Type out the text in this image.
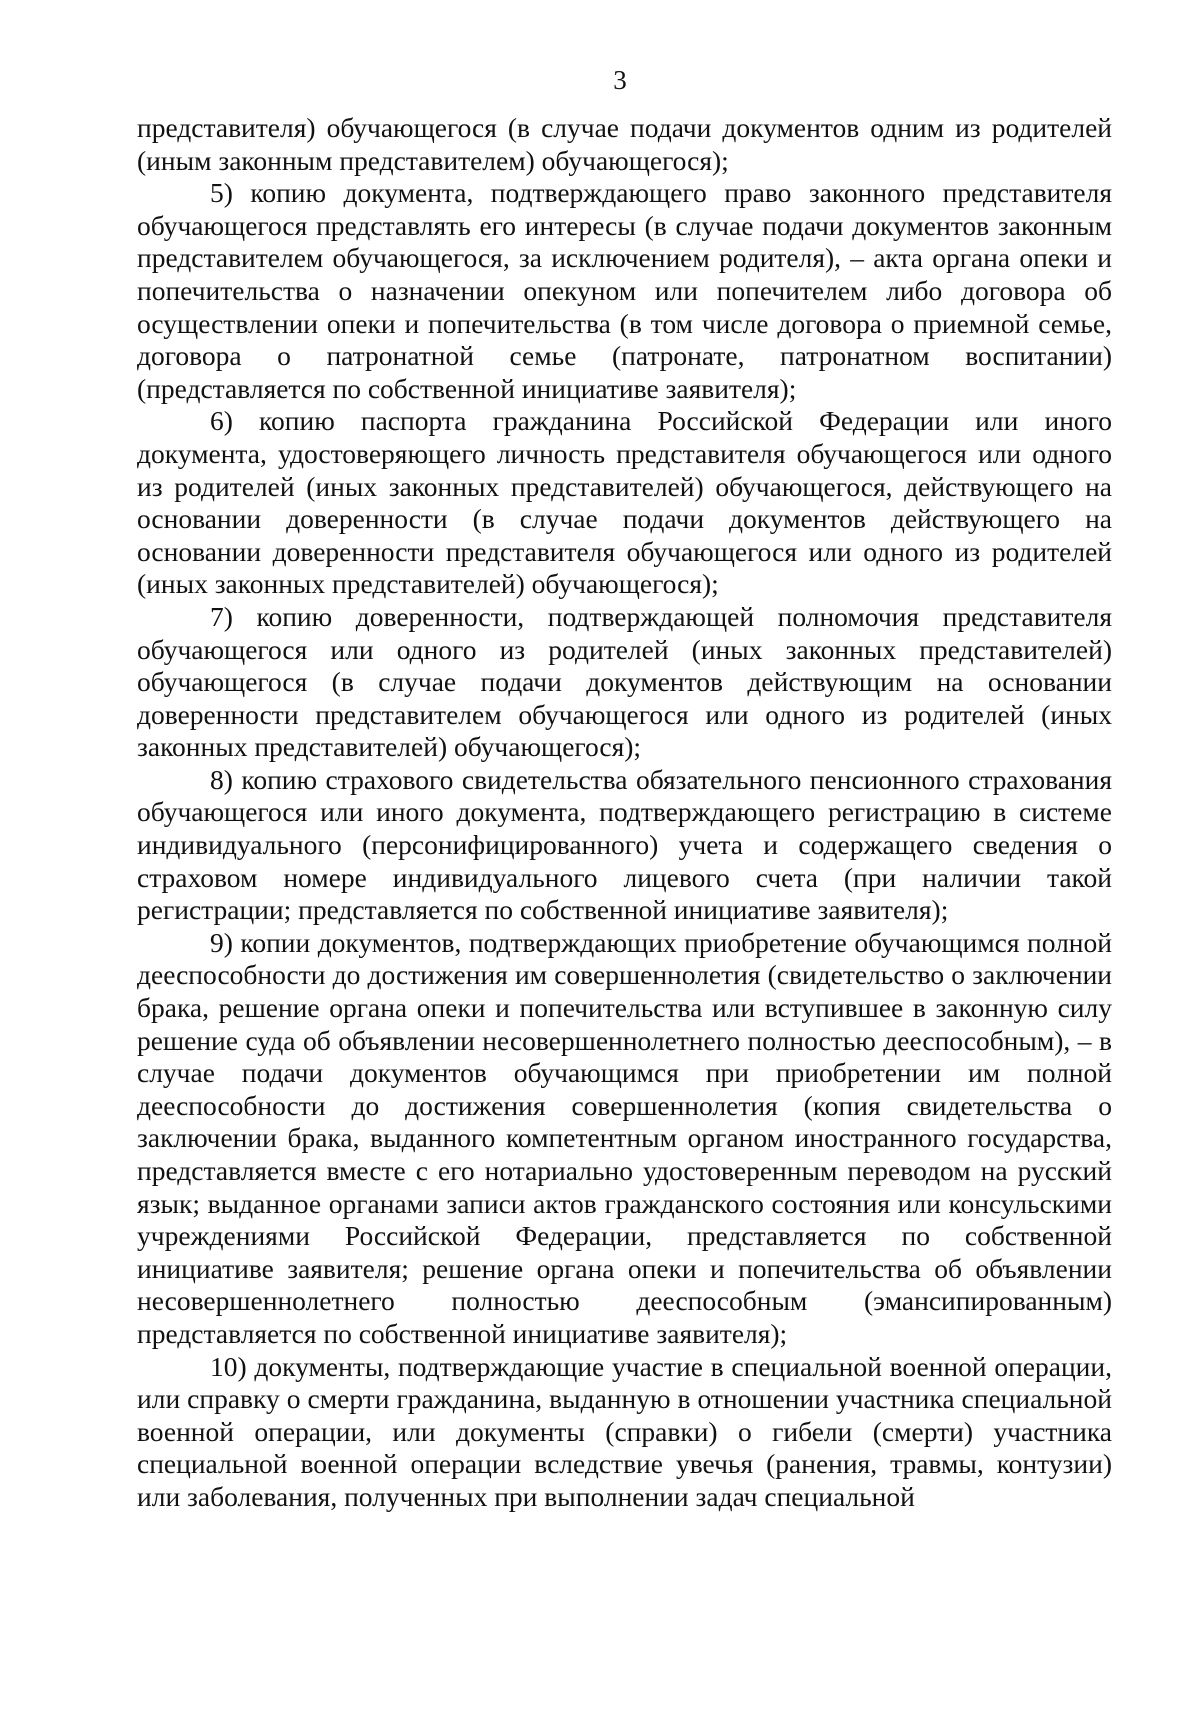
3

представителя) обучающегося (в случае подачи документов одним из родителей (иным законным представителем) обучающегося);

5) копию документа, подтверждающего право законного представителя обучающегося представлять его интересы (в случае подачи документов законным представителем обучающегося, за исключением родителя), – акта органа опеки и попечительства о назначении опекуном или попечителем либо договора об осуществлении опеки и попечительства (в том числе договора о приемной семье, договора о патронатной семье (патронате, патронатном воспитании) (представляется по собственной инициативе заявителя);

6) копию паспорта гражданина Российской Федерации или иного документа, удостоверяющего личность представителя обучающегося или одного из родителей (иных законных представителей) обучающегося, действующего на основании доверенности (в случае подачи документов действующего на основании доверенности представителя обучающегося или одного из родителей (иных законных представителей) обучающегося);

7) копию доверенности, подтверждающей полномочия представителя обучающегося или одного из родителей (иных законных представителей) обучающегося (в случае подачи документов действующим на основании доверенности представителем обучающегося или одного из родителей (иных законных представителей) обучающегося);

8) копию страхового свидетельства обязательного пенсионного страхования обучающегося или иного документа, подтверждающего регистрацию в системе индивидуального (персонифицированного) учета и содержащего сведения о страховом номере индивидуального лицевого счета (при наличии такой регистрации; представляется по собственной инициативе заявителя);

9) копии документов, подтверждающих приобретение обучающимся полной дееспособности до достижения им совершеннолетия (свидетельство о заключении брака, решение органа опеки и попечительства или вступившее в законную силу решение суда об объявлении несовершеннолетнего полностью дееспособным), – в случае подачи документов обучающимся при приобретении им полной дееспособности до достижения совершеннолетия (копия свидетельства о заключении брака, выданного компетентным органом иностранного государства, представляется вместе с его нотариально удостоверенным переводом на русский язык; выданное органами записи актов гражданского состояния или консульскими учреждениями Российской Федерации, представляется по собственной инициативе заявителя; решение органа опеки и попечительства об объявлении несовершеннолетнего полностью дееспособным (эмансипированным) представляется по собственной инициативе заявителя);

10) документы, подтверждающие участие в специальной военной операции, или справку о смерти гражданина, выданную в отношении участника специальной военной операции, или документы (справки) о гибели (смерти) участника специальной военной операции вследствие увечья (ранения, травмы, контузии) или заболевания, полученных при выполнении задач специальной
